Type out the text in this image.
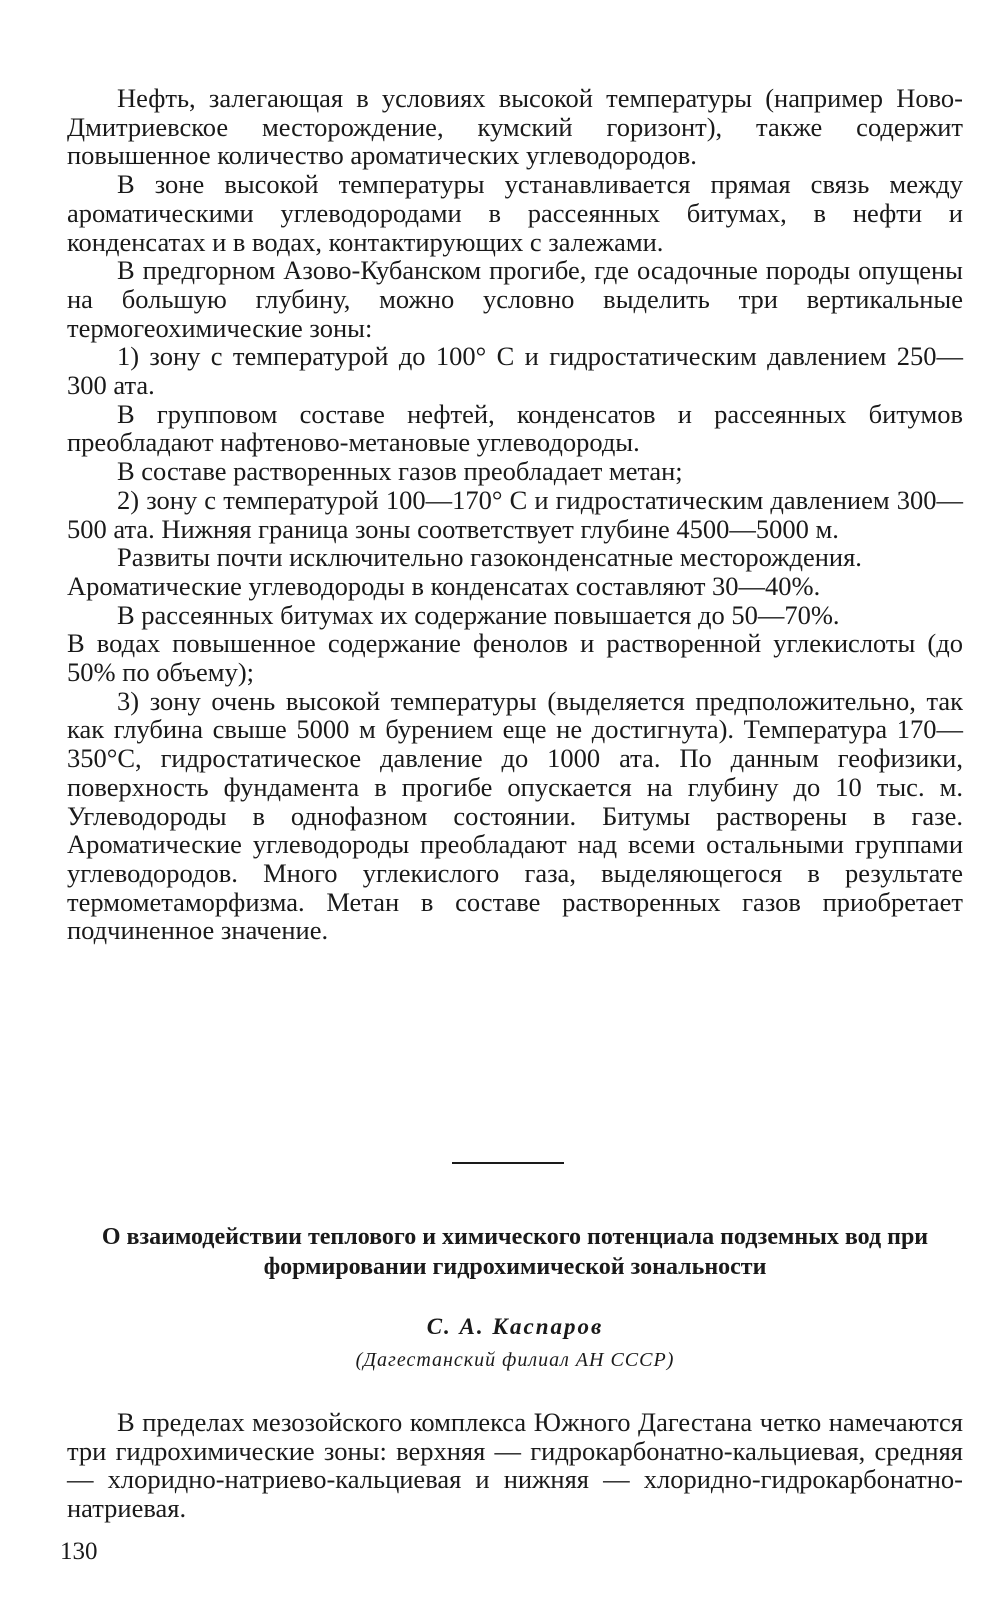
Нефть, залегающая в условиях высокой температуры (например Ново-Дмитриевское месторождение, кумский горизонт), также содержит повышенное количество ароматических углеводородов.

В зоне высокой температуры устанавливается прямая связь между ароматическими углеводородами в рассеянных битумах, в нефти и конденсатах и в водах, контактирующих с залежами.

В предгорном Азово-Кубанском прогибе, где осадочные породы опущены на большую глубину, можно условно выделить три вертикальные термогеохимические зоны:

1) зону с температурой до 100° С и гидростатическим давлением 250—300 ата.

В групповом составе нефтей, конденсатов и рассеянных битумов преобладают нафтеново-метановые углеводороды.

В составе растворенных газов преобладает метан;

2) зону с температурой 100—170° С и гидростатическим давлением 300—500 ата. Нижняя граница зоны соответствует глубине 4500—5000 м.

Развиты почти исключительно газоконденсатные месторождения.

Ароматические углеводороды в конденсатах составляют 30—40%.

В рассеянных битумах их содержание повышается до 50—70%.

В водах повышенное содержание фенолов и растворенной углекислоты (до 50% по объему);

3) зону очень высокой температуры (выделяется предположительно, так как глубина свыше 5000 м бурением еще не достигнута). Температура 170—350°С, гидростатическое давление до 1000 ата. По данным геофизики, поверхность фундамента в прогибе опускается на глубину до 10 тыс. м. Углеводороды в однофазном состоянии. Битумы растворены в газе. Ароматические углеводороды преобладают над всеми остальными группами углеводородов. Много углекислого газа, выделяющегося в результате термометаморфизма. Метан в составе растворенных газов приобретает подчиненное значение.

О взаимодействии теплового и химического потенциала подземных вод при формировании гидрохимической зональности
С. А. Каспаров
(Дагестанский филиал АН СССР)

В пределах мезозойского комплекса Южного Дагестана четко намечаются три гидрохимические зоны: верхняя — гидрокарбонатно-кальциевая, средняя — хлоридно-натриево-кальциевая и нижняя — хлоридно-гидрокарбонатно-натриевая.

130
